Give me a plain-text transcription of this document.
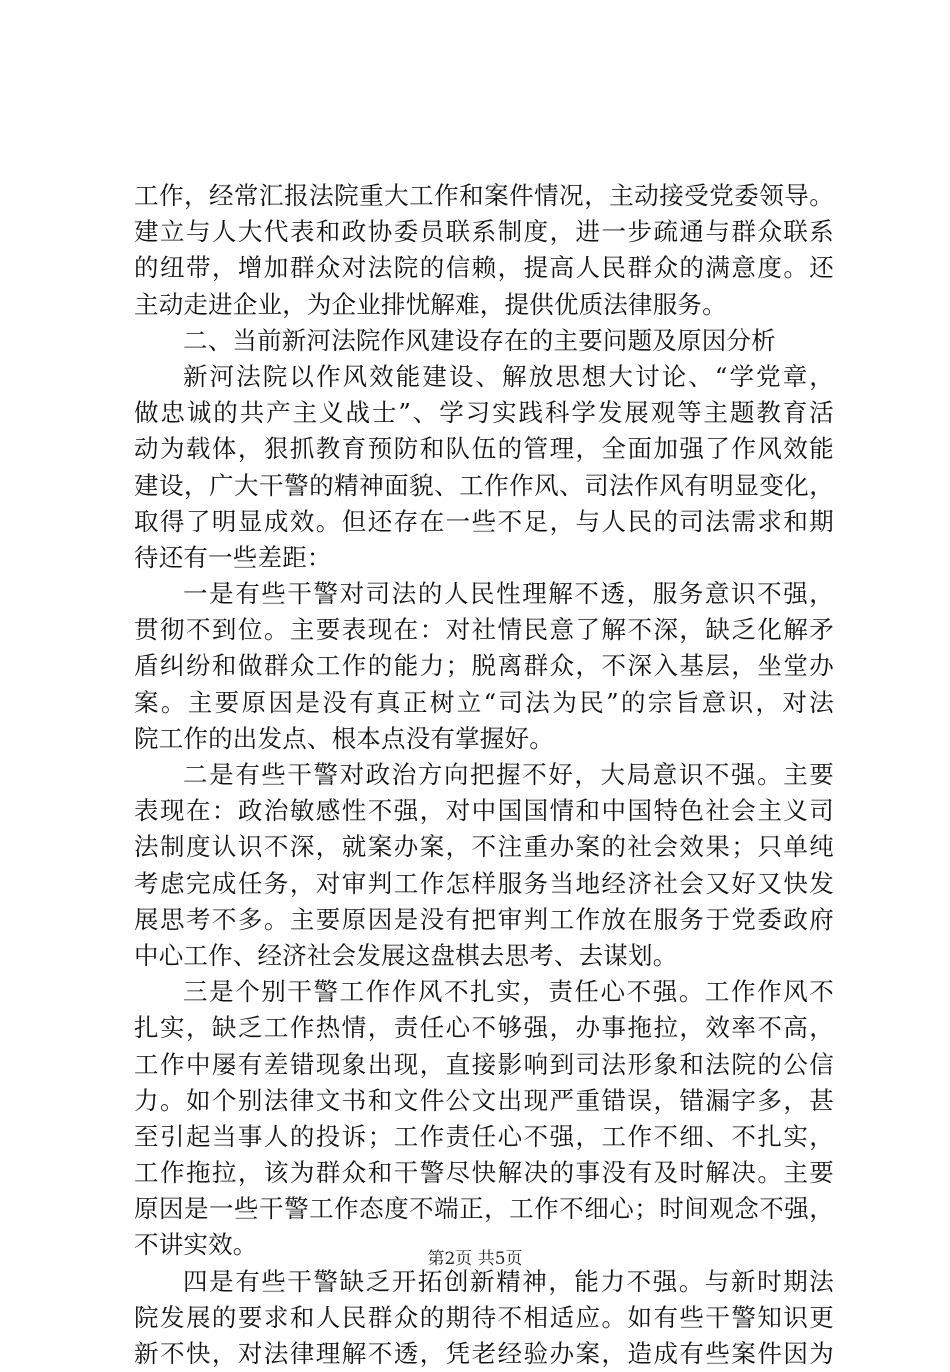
工作，经常汇报法院重大工作和案件情况，主动接受党委领导。
建立与人大代表和政协委员联系制度，进一步疏通与群众联系
的纽带，增加群众对法院的信赖，提高人民群众的满意度。还
主动走进企业，为企业排忧解难，提供优质法律服务。
二、当前新河法院作风建设存在的主要问题及原因分析
新河法院以作风效能建设、解放思想大讨论、“学党章，
做忠诚的共产主义战士”、学习实践科学发展观等主题教育活
动为载体，狠抓教育预防和队伍的管理，全面加强了作风效能
建设，广大干警的精神面貌、工作作风、司法作风有明显变化，
取得了明显成效。但还存在一些不足，与人民的司法需求和期
待还有一些差距：
一是有些干警对司法的人民性理解不透，服务意识不强，
贯彻不到位。主要表现在：对社情民意了解不深，缺乏化解矛
盾纠纷和做群众工作的能力；脱离群众，不深入基层，坐堂办
案。主要原因是没有真正树立“司法为民”的宗旨意识，对法
院工作的出发点、根本点没有掌握好。
二是有些干警对政治方向把握不好，大局意识不强。主要
表现在：政治敏感性不强，对中国国情和中国特色社会主义司
法制度认识不深，就案办案，不注重办案的社会效果；只单纯
考虑完成任务，对审判工作怎样服务当地经济社会又好又快发
展思考不多。主要原因是没有把审判工作放在服务于党委政府
中心工作、经济社会发展这盘棋去思考、去谋划。
三是个别干警工作作风不扎实，责任心不强。工作作风不
扎实，缺乏工作热情，责任心不够强，办事拖拉，效率不高，
工作中屡有差错现象出现，直接影响到司法形象和法院的公信
力。如个别法律文书和文件公文出现严重错误，错漏字多，甚
至引起当事人的投诉；工作责任心不强，工作不细、不扎实，
工作拖拉，该为群众和干警尽快解决的事没有及时解决。主要
原因是一些干警工作态度不端正，工作不细心；时间观念不强，
不讲实效。
四是有些干警缺乏开拓创新精神，能力不强。与新时期法
院发展的要求和人民群众的期待不相适应。如有些干警知识更
新不快，对法律理解不透，凭老经验办案，造成有些案件因为
第2页 共5页
